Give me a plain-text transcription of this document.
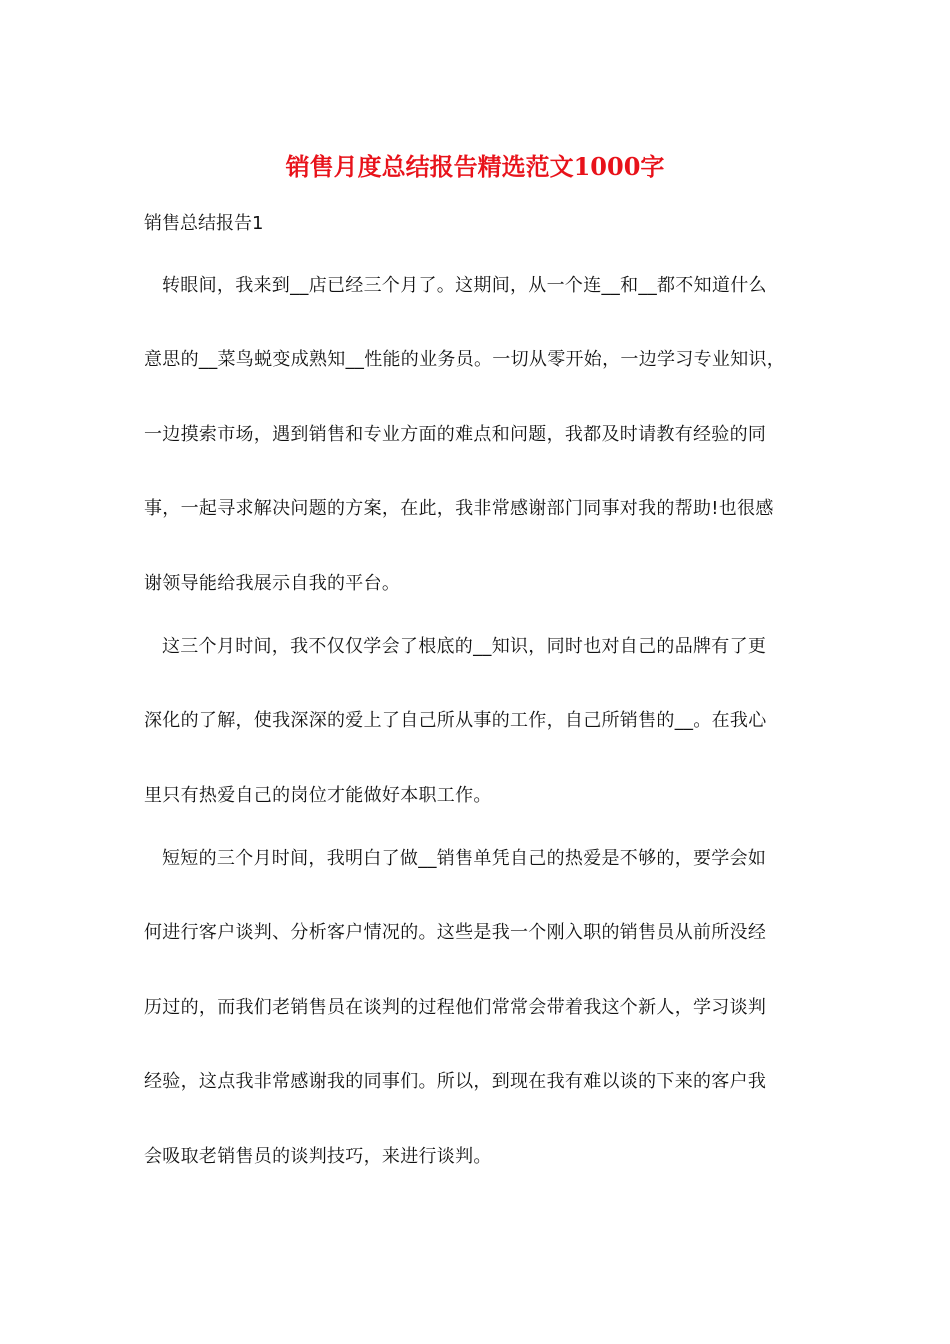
销售月度总结报告精选范文1000字
销售总结报告1
转眼间，我来到__店已经三个月了。这期间，从一个连__和__都不知道什么
意思的__菜鸟蜕变成熟知__性能的业务员。一切从零开始，一边学习专业知识，
一边摸索市场，遇到销售和专业方面的难点和问题，我都及时请教有经验的同
事，一起寻求解决问题的方案，在此，我非常感谢部门同事对我的帮助!也很感
谢领导能给我展示自我的平台。
这三个月时间，我不仅仅学会了根底的__知识，同时也对自己的品牌有了更
深化的了解，使我深深的爱上了自己所从事的工作，自己所销售的__。在我心
里只有热爱自己的岗位才能做好本职工作。
短短的三个月时间，我明白了做__销售单凭自己的热爱是不够的，要学会如
何进行客户谈判、分析客户情况的。这些是我一个刚入职的销售员从前所没经
历过的，而我们老销售员在谈判的过程他们常常会带着我这个新人，学习谈判
经验，这点我非常感谢我的同事们。所以，到现在我有难以谈的下来的客户我
会吸取老销售员的谈判技巧，来进行谈判。
